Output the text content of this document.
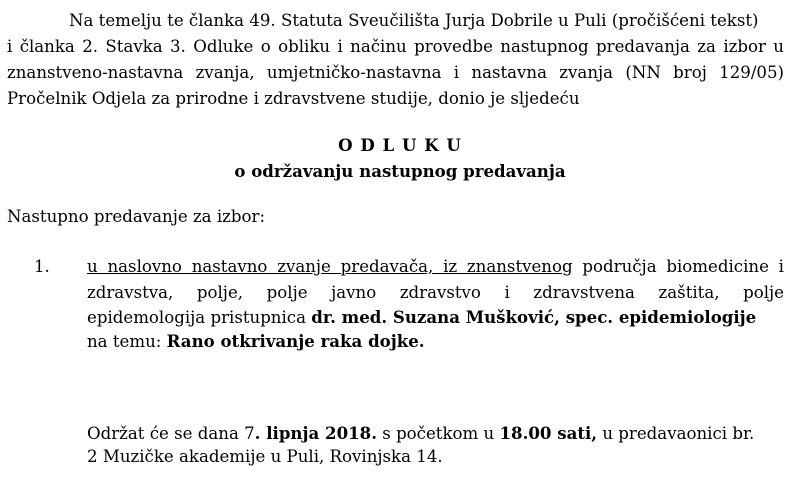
Na temelju te članka 49. Statuta Sveučilišta Jurja Dobrile u Puli (pročišćeni tekst)
i članka 2. Stavka 3. Odluke o obliku i načinu provedbe nastupnog predavanja za izbor u
znanstveno-nastavna zvanja, umjetničko-nastavna i nastavna zvanja (NN broj 129/05)
Pročelnik Odjela za prirodne i zdravstvene studije, donio je sljedeću
O D L U K U
o održavanju nastupnog predavanja
Nastupno predavanje za izbor:
1. u naslovno nastavno zvanje predavača, iz znanstvenog područja biomedicine i
zdravstva, polje, polje javno zdravstvo i zdravstvena zaštita, polje
epidemologija pristupnica dr. med. Suzana Mušković, spec. epidemiologije
na temu: Rano otkrivanje raka dojke.
Održat će se dana 7. lipnja 2018. s početkom u 18.00 sati, u predavaonici br.
2 Muzičke akademije u Puli, Rovinjska 14.
